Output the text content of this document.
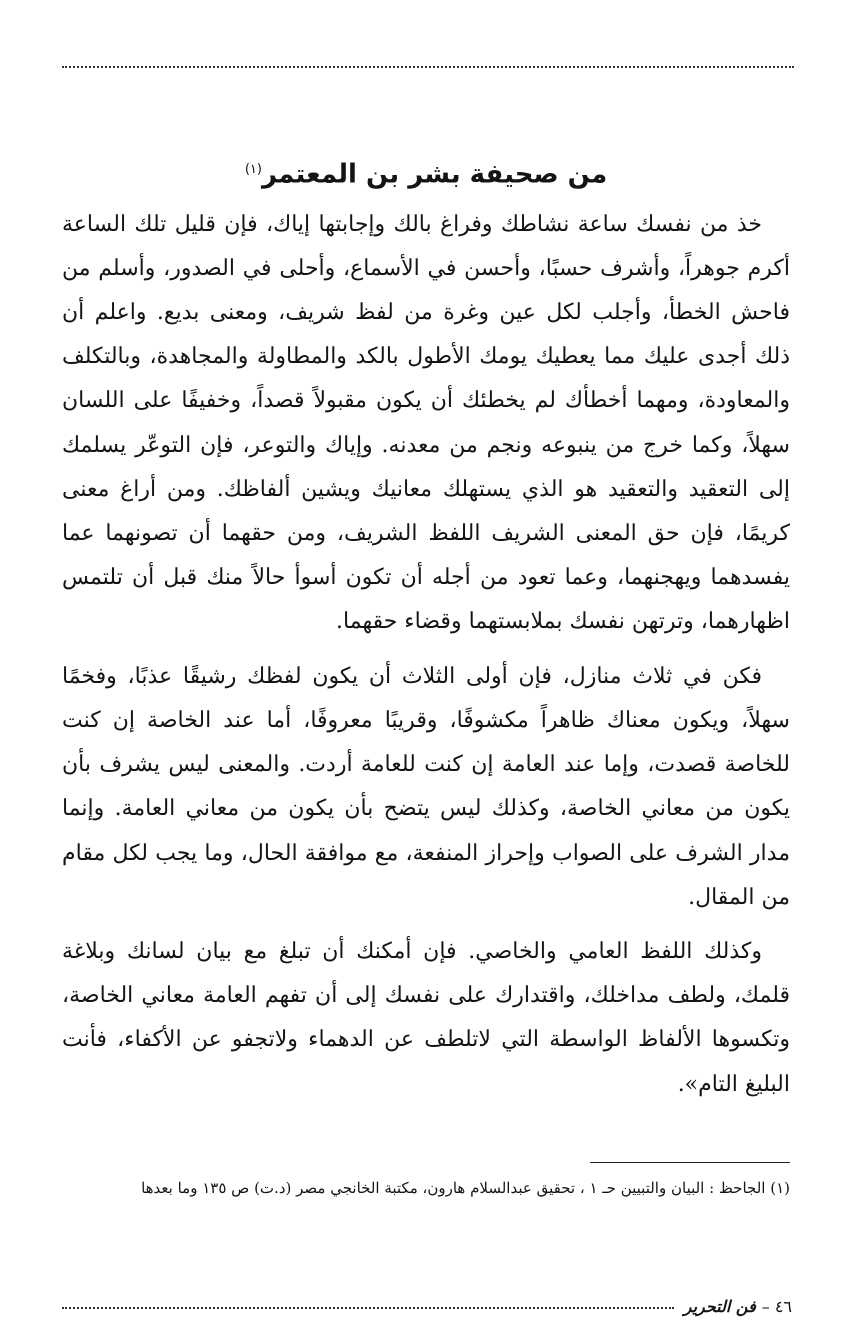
من صحيفة بشر بن المعتمر$^{(١)}$

خذ من نفسك ساعة نشاطك وفراغ بالك وإجابتها إياك، فإن قليل تلك الساعة أكرم جوهراً، وأشرف حسبًا، وأحسن في الأسماع، وأحلى في الصدور، وأسلم من فاحش الخطأ، وأجلب لكل عين وغرة من لفظ شريف، ومعنى بديع. واعلم أن ذلك أجدى عليك مما يعطيك يومك الأطول بالكد والمطاولة والمجاهدة، وبالتكلف والمعاودة، ومهما أخطأك لم يخطئك أن يكون مقبولاً قصداً، وخفيفًا على اللسان سهلاً، وكما خرج من ينبوعه ونجم من معدنه. وإياك والتوعر، فإن التوعّر يسلمك إلى التعقيد والتعقيد هو الذي يستهلك معانيك ويشين ألفاظك. ومن أراغ معنى كريمًا، فإن حق المعنى الشريف اللفظ الشريف، ومن حقهما أن تصونهما عما يفسدهما ويهجنهما، وعما تعود من أجله أن تكون أسوأ حالاً منك قبل أن تلتمس اظهارهما، وترتهن نفسك بملابستهما وقضاء حقهما.

فكن في ثلاث منازل، فإن أولى الثلاث أن يكون لفظك رشيقًا عذبًا، وفخمًا سهلاً، ويكون معناك ظاهراً مكشوفًا، وقريبًا معروفًا، أما عند الخاصة إن كنت للخاصة قصدت، وإما عند العامة إن كنت للعامة أردت. والمعنى ليس يشرف بأن يكون من معاني الخاصة، وكذلك ليس يتضح بأن يكون من معاني العامة. وإنما مدار الشرف على الصواب وإحراز المنفعة، مع موافقة الحال، وما يجب لكل مقام من المقال.

وكذلك اللفظ العامي والخاصي. فإن أمكنك أن تبلغ مع بيان لسانك وبلاغة قلمك، ولطف مداخلك، واقتدارك على نفسك إلى أن تفهم العامة معاني الخاصة، وتكسوها الألفاظ الواسطة التي لاتلطف عن الدهماء ولاتجفو عن الأكفاء، فأنت البليغ التام».

(١) الجاحظ : البيان والتبيين حـ ١ ، تحقيق عبدالسلام هارون، مكتبة الخانجي مصر (د.ت) ص ١٣٥ وما بعدها
٤٦ –
فن التحرير
